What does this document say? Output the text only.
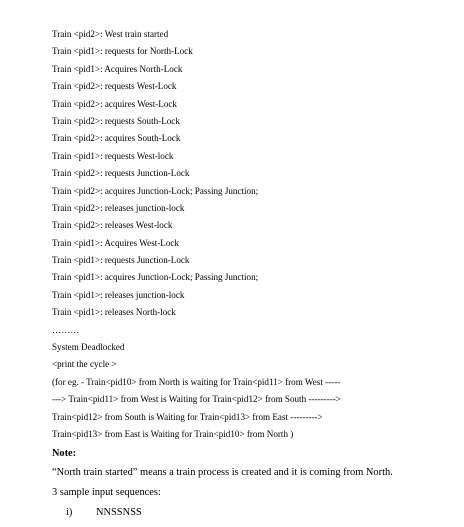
Train <pid2>: West train started
Train <pid1>: requests for North-Lock
Train <pid1>: Acquires North-Lock
Train <pid2>: requests West-Lock
Train <pid2>: acquires West-Lock
Train <pid2>: requests South-Lock
Train <pid2>: acquires South-Lock
Train <pid1>: requests West-lock
Train <pid2>: requests Junction-Lock
Train <pid2>: acquires Junction-Lock; Passing Junction;
Train <pid2>: releases junction-lock
Train <pid2>: releases West-lock
Train <pid1>: Acquires West-Lock
Train <pid1>: requests Junction-Lock
Train <pid1>: acquires Junction-Lock; Passing Junction;
Train <pid1>: releases junction-lock
Train <pid1>: releases North-lock
………
System Deadlocked
<print the cycle >
(for eg. - Train<pid10> from North is waiting for Train<pid11> from West -----
---> Train<pid11> from West is Waiting for Train<pid12> from South --------->
Train<pid12> from South is Waiting for Train<pid13> from East --------->
Train<pid13> from East is Waiting for Train<pid10> from North )
Note:
“North train started” means a train process is created and it is coming from North.
3 sample input sequences:
i) NNSSNSS
